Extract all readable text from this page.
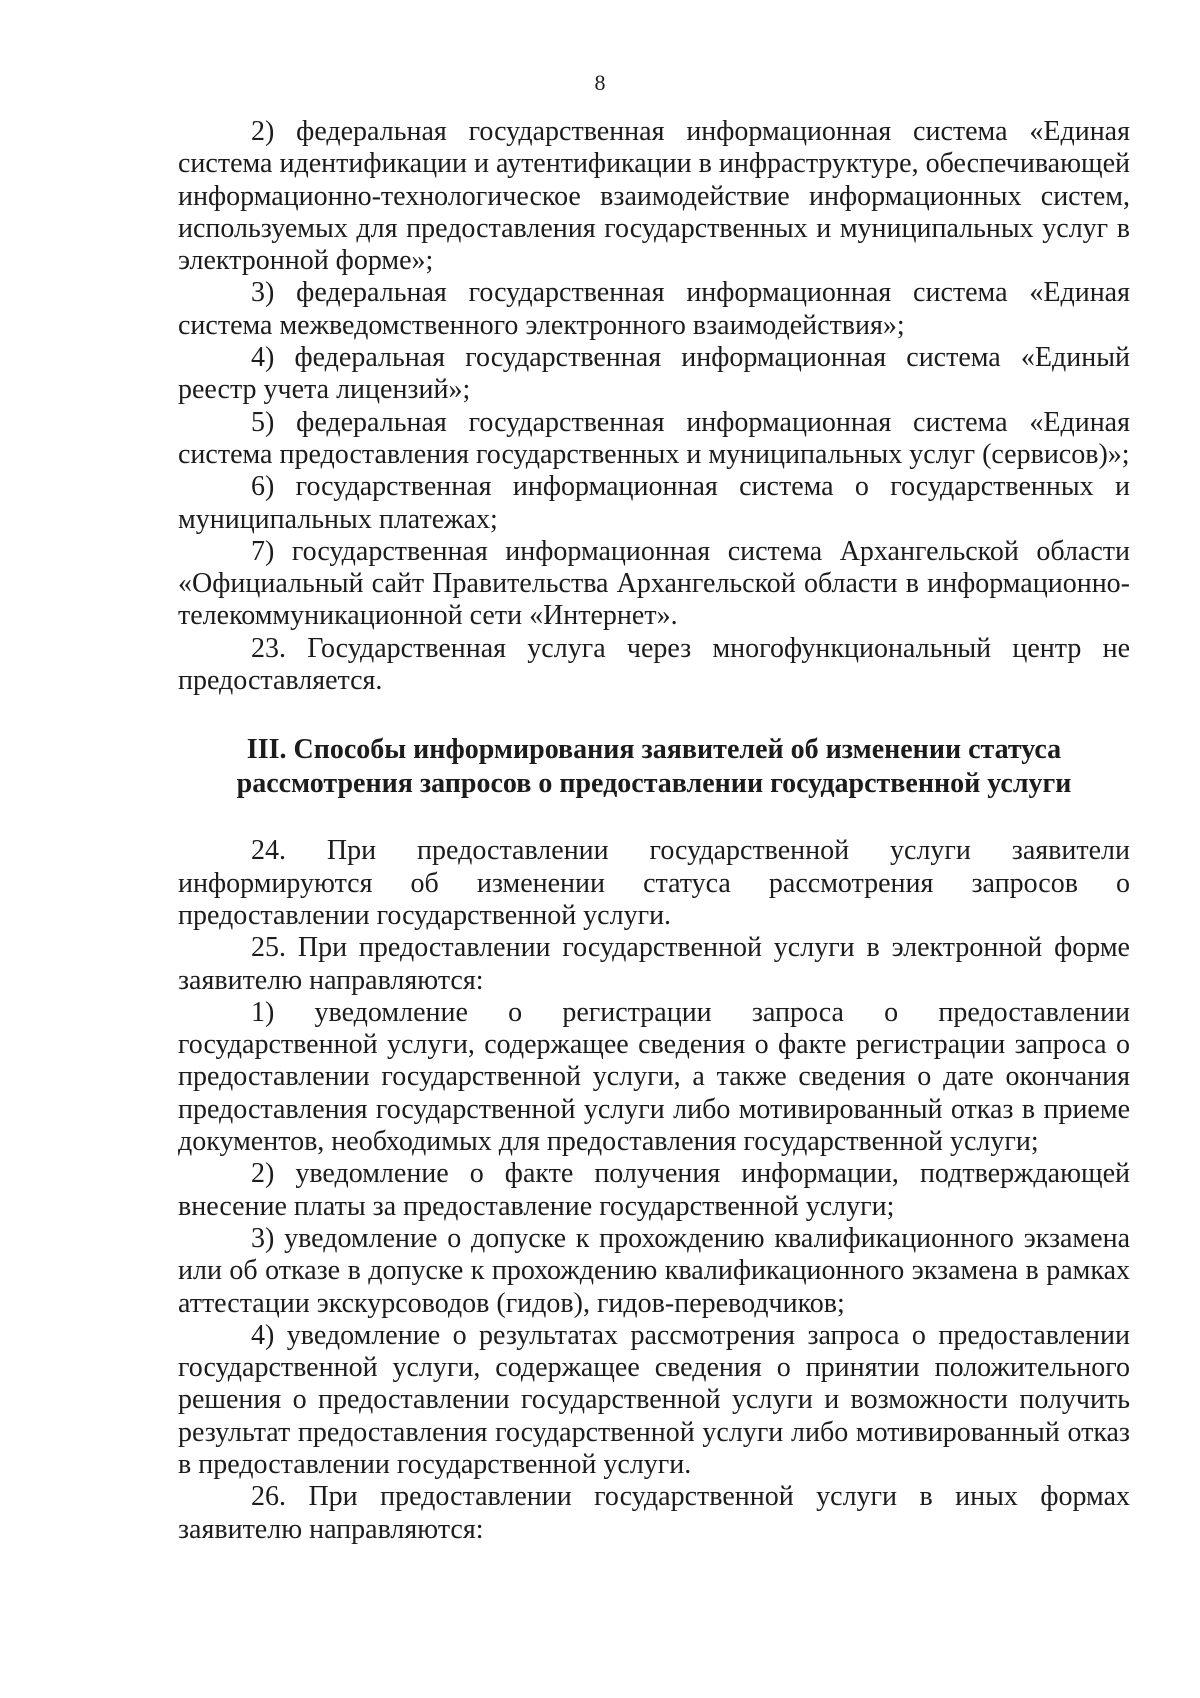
8

2) федеральная государственная информационная система «Единая система идентификации и аутентификации в инфраструктуре, обеспечивающей информационно-технологическое взаимодействие информационных систем, используемых для предоставления государственных и муниципальных услуг в электронной форме»;

3) федеральная государственная информационная система «Единая система межведомственного электронного взаимодействия»;

4) федеральная государственная информационная система «Единый реестр учета лицензий»;

5) федеральная государственная информационная система «Единая система предоставления государственных и муниципальных услуг (сервисов)»;

6) государственная информационная система о государственных и муниципальных платежах;

7) государственная информационная система Архангельской области «Официальный сайт Правительства Архангельской области в информационно-телекоммуникационной сети «Интернет».

23. Государственная услуга через многофункциональный центр не предоставляется.

III. Способы информирования заявителей об изменении статуса
рассмотрения запросов о предоставлении государственной услуги

24. При предоставлении государственной услуги заявители информируются об изменении статуса рассмотрения запросов о предоставлении государственной услуги.

25. При предоставлении государственной услуги в электронной форме заявителю направляются:

1) уведомление о регистрации запроса о предоставлении государственной услуги, содержащее сведения о факте регистрации запроса о предоставлении государственной услуги, а также сведения о дате окончания предоставления государственной услуги либо мотивированный отказ в приеме документов, необходимых для предоставления государственной услуги;

2) уведомление о факте получения информации, подтверждающей внесение платы за предоставление государственной услуги;

3) уведомление о допуске к прохождению квалификационного экзамена или об отказе в допуске к прохождению квалификационного экзамена в рамках аттестации экскурсоводов (гидов), гидов-переводчиков;

4) уведомление о результатах рассмотрения запроса о предоставлении государственной услуги, содержащее сведения о принятии положительного решения о предоставлении государственной услуги и возможности получить результат предоставления государственной услуги либо мотивированный отказ в предоставлении государственной услуги.

26. При предоставлении государственной услуги в иных формах заявителю направляются:
